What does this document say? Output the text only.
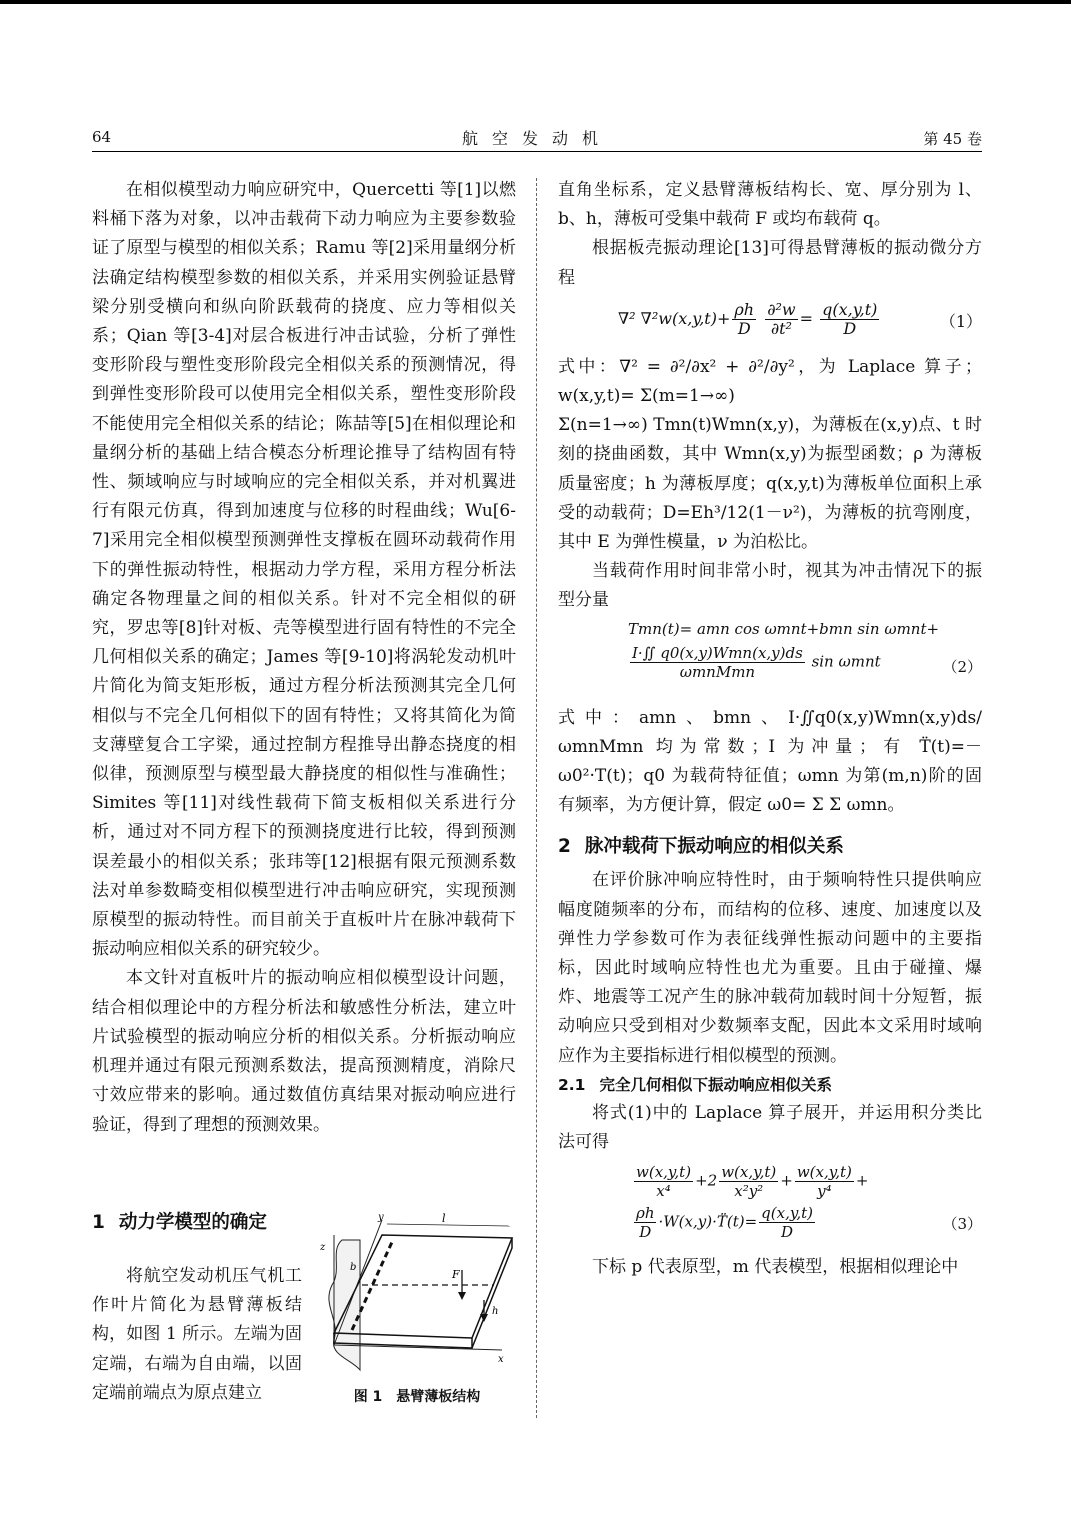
64	航空发动机	第 45 卷

在相似模型动力响应研究中，Quercetti 等[1]以燃料桶下落为对象，以冲击载荷下动力响应为主要参数验证了原型与模型的相似关系；Ramu 等[2]采用量纲分析法确定结构模型参数的相似关系，并采用实例验证悬臂梁分别受横向和纵向阶跃载荷的挠度、应力等相似关系；Qian 等[3-4]对层合板进行冲击试验，分析了弹性变形阶段与塑性变形阶段完全相似关系的预测情况，得到弹性变形阶段可以使用完全相似关系，塑性变形阶段不能使用完全相似关系的结论；陈喆等[5]在相似理论和量纲分析的基础上结合模态分析理论推导了结构固有特性、频域响应与时域响应的完全相似关系，并对机翼进行有限元仿真，得到加速度与位移的时程曲线；Wu[6-7]采用完全相似模型预测弹性支撑板在圆环动载荷作用下的弹性振动特性，根据动力学方程，采用方程分析法确定各物理量之间的相似关系。针对不完全相似的研究，罗忠等[8]针对板、壳等模型进行固有特性的不完全几何相似关系的确定；James 等[9-10]将涡轮发动机叶片简化为简支矩形板，通过方程分析法预测其完全几何相似与不完全几何相似下的固有特性；又将其简化为简支薄壁复合工字梁，通过控制方程推导出静态挠度的相似律，预测原型与模型最大静挠度的相似性与准确性；Simites 等[11]对线性载荷下简支板相似关系进行分析，通过对不同方程下的预测挠度进行比较，得到预测误差最小的相似关系；张玮等[12]根据有限元预测系数法对单参数畸变相似模型进行冲击响应研究，实现预测原模型的振动特性。而目前关于直板叶片在脉冲载荷下振动响应相似关系的研究较少。

本文针对直板叶片的振动响应相似模型设计问题，结合相似理论中的方程分析法和敏感性分析法，建立叶片试验模型的振动响应分析的相似关系。分析振动响应机理并通过有限元预测系数法，提高预测精度，消除尺寸效应带来的影响。通过数值仿真结果对振动响应进行验证，得到了理想的预测效果。

1 动力学模型的确定

将航空发动机压气机工作叶片简化为悬臂薄板结构，如图 1 所示。左端为固定端，右端为自由端，以固定端前端点为原点建立

l
y
z
b
F
h
x
图 1　悬臂薄板结构

直角坐标系，定义悬臂薄板结构长、宽、厚分别为 l、b、h，薄板可受集中载荷 F 或均布载荷 q。

根据板壳振动理论[13]可得悬臂薄板的振动微分方程

∇² $\nabla^2w(x,y,t)+ \frac{\rho h}{D}$
$\frac{\text{∂²w}}{\text{∂t²}} = \frac{q(x,y,t)}{D}$	（1）

式中：∇² = ∂²/∂x² + ∂²/∂y²，为 Laplace 算子；w(x,y,t)= Σ(m=1→∞)

Σ(n=1→∞) Tmn(t)Wmn(x,y)，为薄板在(x,y)点、t 时刻的挠曲函数，其中 Wmn(x,y)为振型函数；ρ 为薄板质量密度；h 为薄板厚度；q(x,y,t)为薄板单位面积上承受的动载荷；D=Eh³/12(1－ν²)，为薄板的抗弯刚度，其中 E 为弹性模量，ν 为泊松比。

当载荷作用时间非常小时，视其为冲击情况下的振型分量

Tmn(t)= amn cos ωmnt+bmn sin ωmnt+
$\frac{\text{I·∬ q0(x,y)Wmn(x,y)ds}}{\text{ωmnMmn}}$ sin ωmnt	（2）

式中：amn、bmn、I·∬q0(x,y)Wmn(x,y)ds/ωmnMmn 均为常数；I 为冲量；有 T̈(t)=－ω0²·T(t)；q0 为载荷特征值；ωmn 为第(m,n)阶的固有频率，为方便计算，假定 ω0= Σ Σ ωmn。

2 脉冲载荷下振动响应的相似关系

在评价脉冲响应特性时，由于频响特性只提供响应幅度随频率的分布，而结构的位移、速度、加速度以及弹性力学参数可作为表征线弹性振动问题中的主要指标，因此时域响应特性也尤为重要。且由于碰撞、爆炸、地震等工况产生的脉冲载荷加载时间十分短暂，振动响应只受到相对少数频率支配，因此本文采用时域响应作为主要指标进行相似模型的预测。

2.1 完全几何相似下振动响应相似关系

将式(1)中的 Laplace 算子展开，并运用积分类比法可得

$\frac{w(x,y,t)}{\text{x⁴}} +2 \frac{w(x,y,t)}{\text{x²y²}} + \frac{w(x,y,t)}{\text{y⁴}}$ +
$\frac{\rho h}{D}$ ·W(x,y)·T̈(t)= $\frac{q(x,y,t)}{D}$	（3）

下标 p 代表原型，m 代表模型，根据相似理论中
